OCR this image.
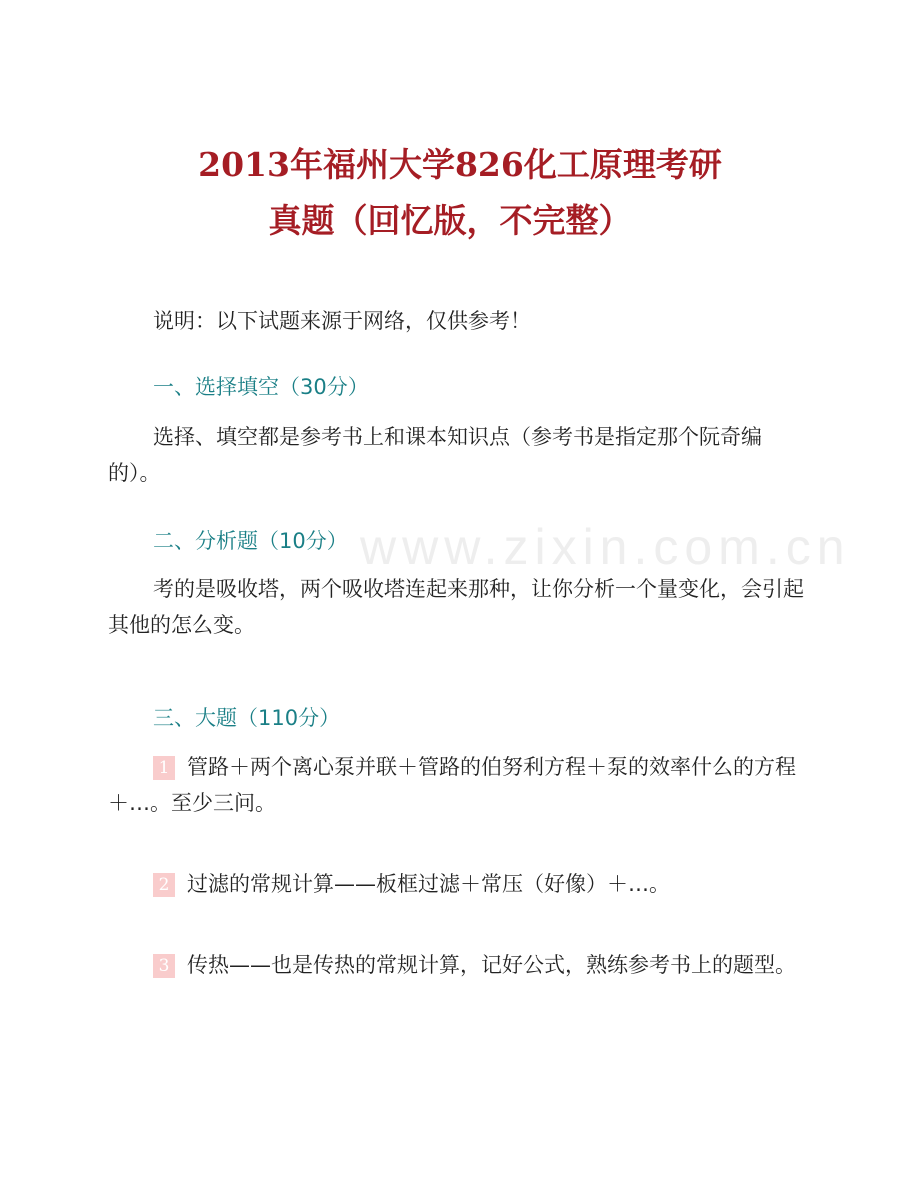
www.zixin.com.cn
2013年福州大学826化工原理考研
真题（回忆版，不完整）
说明：以下试题来源于网络，仅供参考！
一、选择填空（30分）
选择、填空都是参考书上和课本知识点（参考书是指定那个阮奇编的）。
二、分析题（10分）
考的是吸收塔，两个吸收塔连起来那种，让你分析一个量变化，会引起其他的怎么变。
三、大题（110分）
1 管路＋两个离心泵并联＋管路的伯努利方程＋泵的效率什么的方程＋…。至少三问。
2 过滤的常规计算——板框过滤＋常压（好像）＋…。
3 传热——也是传热的常规计算，记好公式，熟练参考书上的题型。
